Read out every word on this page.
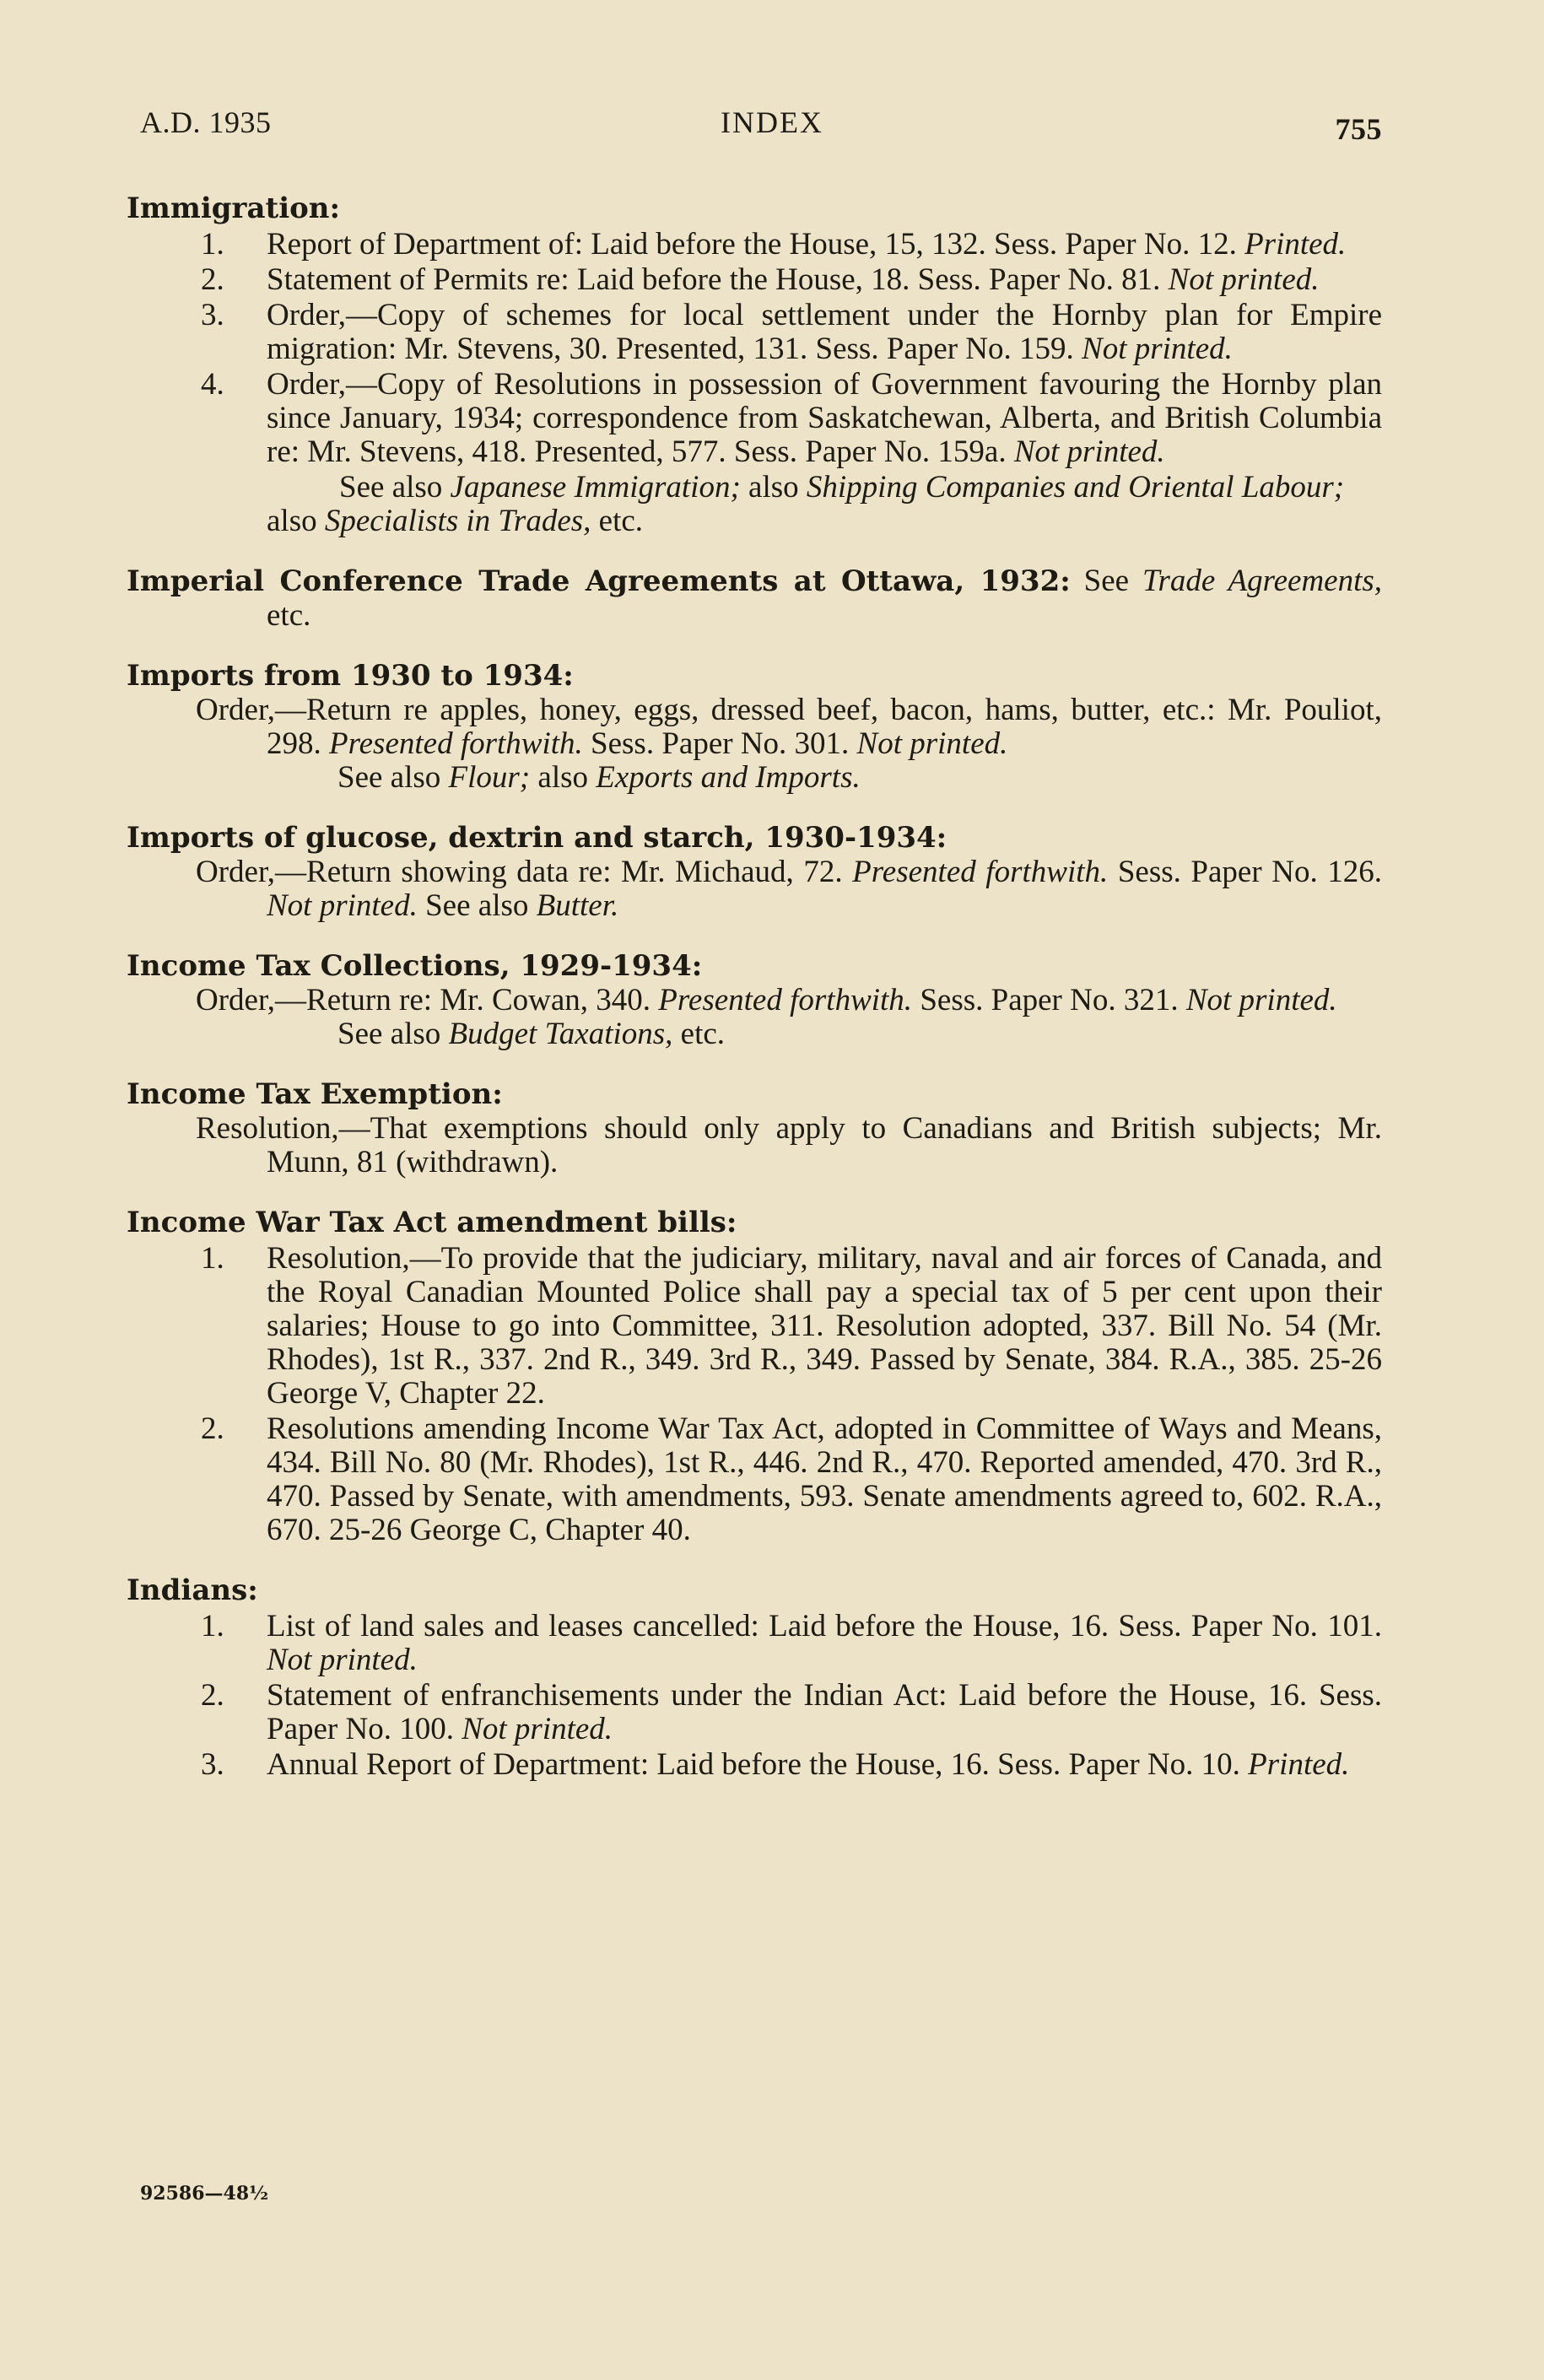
A.D. 1935	INDEX	755
Immigration:
1. Report of Department of: Laid before the House, 15, 132. Sess. Paper No. 12. Printed.
2. Statement of Permits re: Laid before the House, 18. Sess. Paper No. 81. Not printed.
3. Order,—Copy of schemes for local settlement under the Hornby plan for Empire migration: Mr. Stevens, 30. Presented, 131. Sess. Paper No. 159. Not printed.
4. Order,—Copy of Resolutions in possession of Government favouring the Hornby plan since January, 1934; correspondence from Saskatchewan, Alberta, and British Columbia re: Mr. Stevens, 418. Presented, 577. Sess. Paper No. 159a. Not printed.
See also Japanese Immigration; also Shipping Companies and Oriental Labour; also Specialists in Trades, etc.
Imperial Conference Trade Agreements at Ottawa, 1932: See Trade Agreements, etc.
Imports from 1930 to 1934:
Order,—Return re apples, honey, eggs, dressed beef, bacon, hams, butter, etc.: Mr. Pouliot, 298. Presented forthwith. Sess. Paper No. 301. Not printed.
See also Flour; also Exports and Imports.
Imports of glucose, dextrin and starch, 1930-1934:
Order,—Return showing data re: Mr. Michaud, 72. Presented forthwith. Sess. Paper No. 126. Not printed. See also Butter.
Income Tax Collections, 1929-1934:
Order,—Return re: Mr. Cowan, 340. Presented forthwith. Sess. Paper No. 321. Not printed.
See also Budget Taxations, etc.
Income Tax Exemption:
Resolution,—That exemptions should only apply to Canadians and British subjects; Mr. Munn, 81 (withdrawn).
Income War Tax Act amendment bills:
1. Resolution,—To provide that the judiciary, military, naval and air forces of Canada, and the Royal Canadian Mounted Police shall pay a special tax of 5 per cent upon their salaries; House to go into Committee, 311. Resolution adopted, 337. Bill No. 54 (Mr. Rhodes), 1st R., 337. 2nd R., 349. 3rd R., 349. Passed by Senate, 384. R.A., 385. 25-26 George V, Chapter 22.
2. Resolutions amending Income War Tax Act, adopted in Committee of Ways and Means, 434. Bill No. 80 (Mr. Rhodes), 1st R., 446. 2nd R., 470. Reported amended, 470. 3rd R., 470. Passed by Senate, with amendments, 593. Senate amendments agreed to, 602. R.A., 670. 25-26 George C, Chapter 40.
Indians:
1. List of land sales and leases cancelled: Laid before the House, 16. Sess. Paper No. 101. Not printed.
2. Statement of enfranchisements under the Indian Act: Laid before the House, 16. Sess. Paper No. 100. Not printed.
3. Annual Report of Department: Laid before the House, 16. Sess. Paper No. 10. Printed.
92586—48½
